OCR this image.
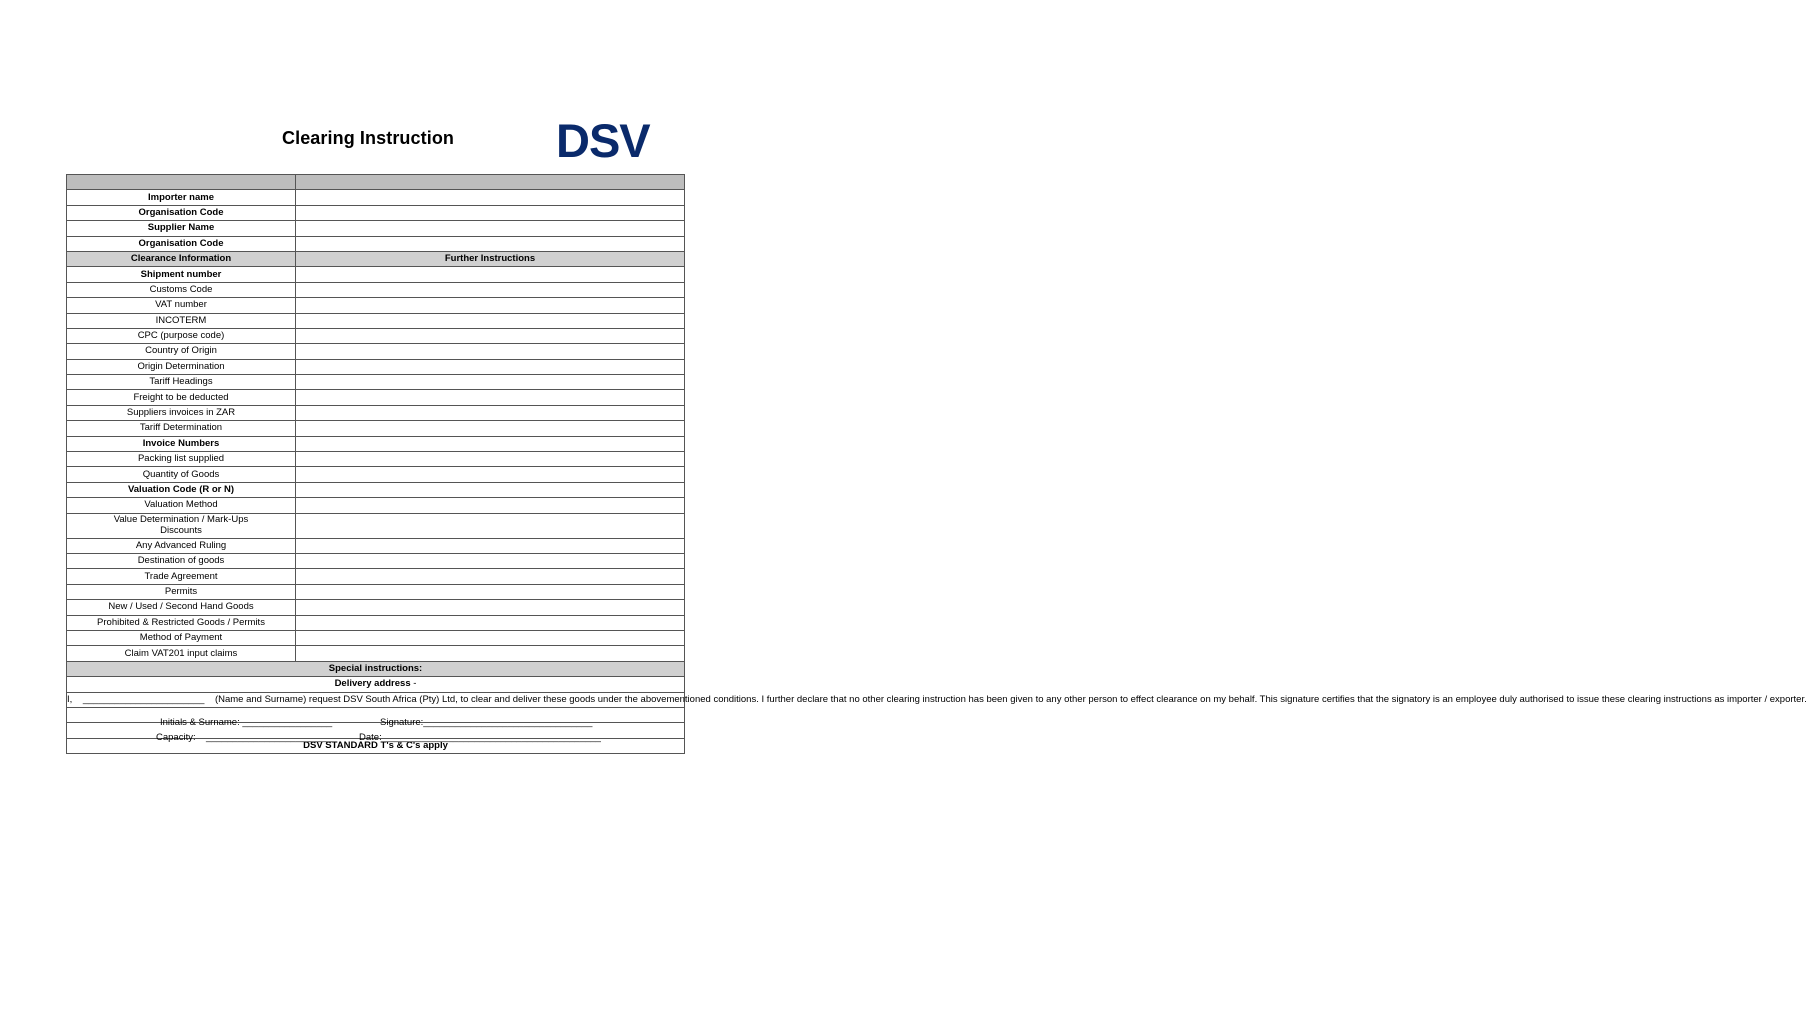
Clearing Instruction DSV

Importer name	
Organisation Code	
Supplier Name	
Organisation Code	
Clearance Information	Further Instructions
Shipment number	
Customs Code	
VAT number	
INCOTERM	
CPC (purpose code)	
Country of Origin	
Origin Determination	
Tariff Headings	
Freight to be deducted	
Suppliers invoices in ZAR	
Tariff Determination	
Invoice Numbers	
Packing list supplied	
Quantity of Goods	
Valuation Code (R or N)	
Valuation Method	

Value Determination / Mark-Ups
Discounts	

Any Advanced Ruling	
Destination of goods	
Trade Agreement	
Permits	
New / Used / Second Hand Goods	
Prohibited & Restricted Goods / Permits	
Method of Payment	
Claim VAT201 input claims	
Special instructions:	
Delivery address -	
I, _______________________ (Name and Surname) request DSV South Africa (Pty) Ltd, to clear and deliver these goods under the abovementioned conditions. I further declare that no other clearing instruction has been given to any other person to effect clearance on my behalf. This signature certifies that the signatory is an employee duly authorised to issue these clearing instructions as importer / exporter.	

Initials & Surname: _________________ Signature:________________________________	

Capacity: ________________________ Date: _________________________________________	

DSV STANDARD T's & C's apply	
